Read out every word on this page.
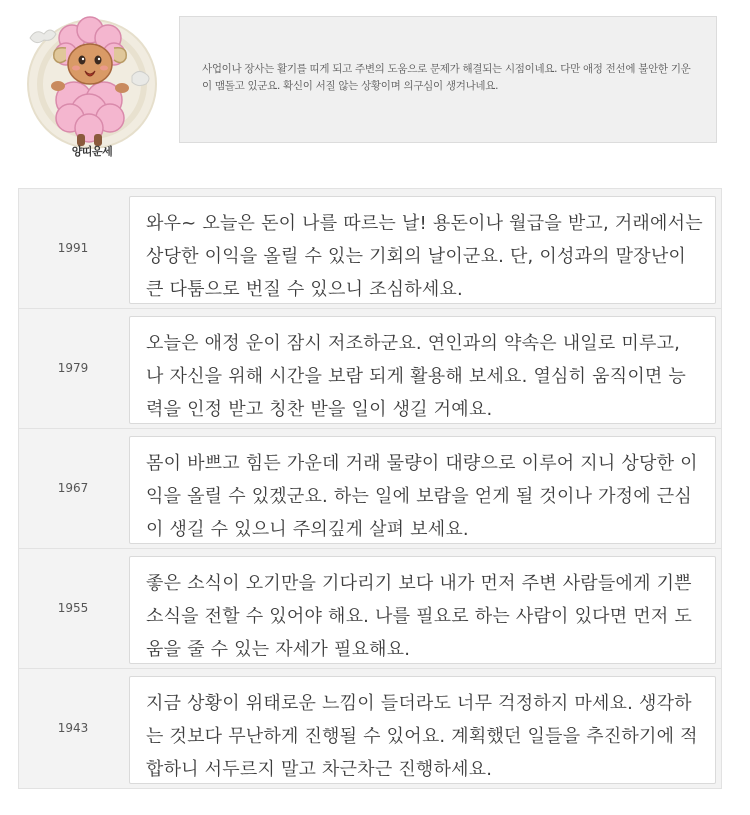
양띠운세
사업이나 장사는 활기를 띠게 되고 주변의 도움으로 문제가 해결되는 시점이네요. 다만 애정 전선에 불안한 기운이 맴돌고 있군요. 확신이 서질 않는 상황이며 의구심이 생겨나네요.
1991
와우~ 오늘은 돈이 나를 따르는 날! 용돈이나 월급을 받고, 거래에서는 상당한 이익을 올릴 수 있는 기회의 날이군요. 단, 이성과의 말장난이 큰 다툼으로 번질 수 있으니 조심하세요.
1979
오늘은 애정 운이 잠시 저조하군요. 연인과의 약속은 내일로 미루고, 나 자신을 위해 시간을 보람 되게 활용해 보세요. 열심히 움직이면 능력을 인정 받고 칭찬 받을 일이 생길 거예요.
1967
몸이 바쁘고 힘든 가운데 거래 물량이 대량으로 이루어 지니 상당한 이익을 올릴 수 있겠군요. 하는 일에 보람을 얻게 될 것이나 가정에 근심이 생길 수 있으니 주의깊게 살펴 보세요.
1955
좋은 소식이 오기만을 기다리기 보다 내가 먼저 주변 사람들에게 기쁜 소식을 전할 수 있어야 해요. 나를 필요로 하는 사람이 있다면 먼저 도움을 줄 수 있는 자세가 필요해요.
1943
지금 상황이 위태로운 느낌이 들더라도 너무 걱정하지 마세요. 생각하는 것보다 무난하게 진행될 수 있어요. 계획했던 일들을 추진하기에 적합하니 서두르지 말고 차근차근 진행하세요.
